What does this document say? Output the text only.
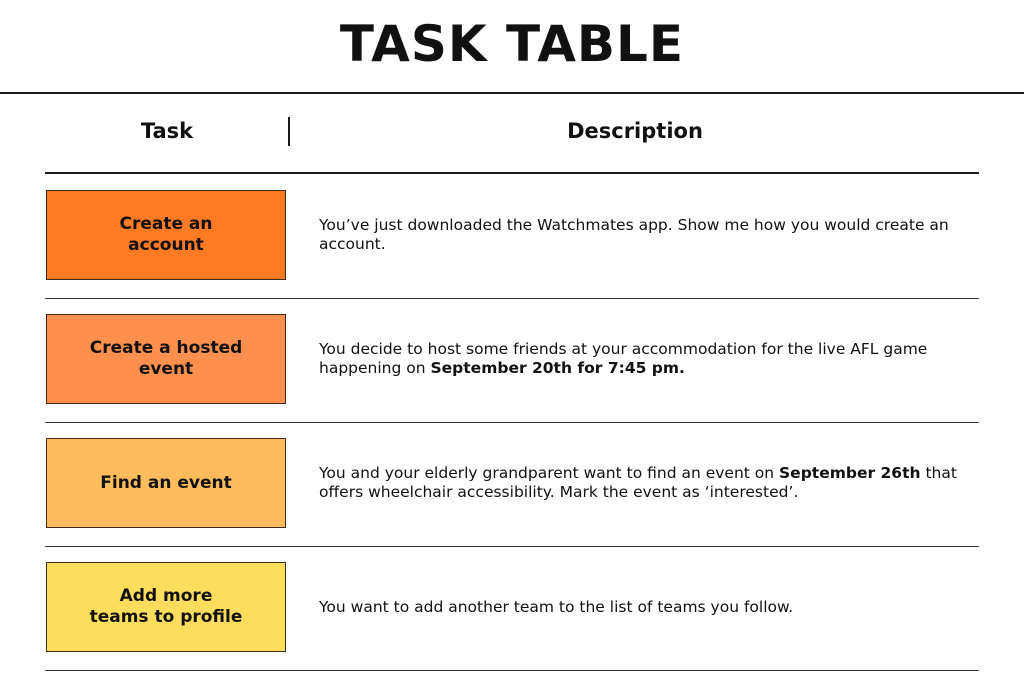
TASK TABLE
Task	Description
Create an
account

You’ve just downloaded the Watchmates app. Show me how you would create an account.

Create a hosted
event

You decide to host some friends at your accommodation for the live AFL game happening on September 20th for 7:45 pm.

Find an event	You and your elderly grandparent want to find an event on September 26th that offers wheelchair accessibility. Mark the event as ‘interested’.

Add more
teams to profile

You want to add another team to the list of teams you follow.
